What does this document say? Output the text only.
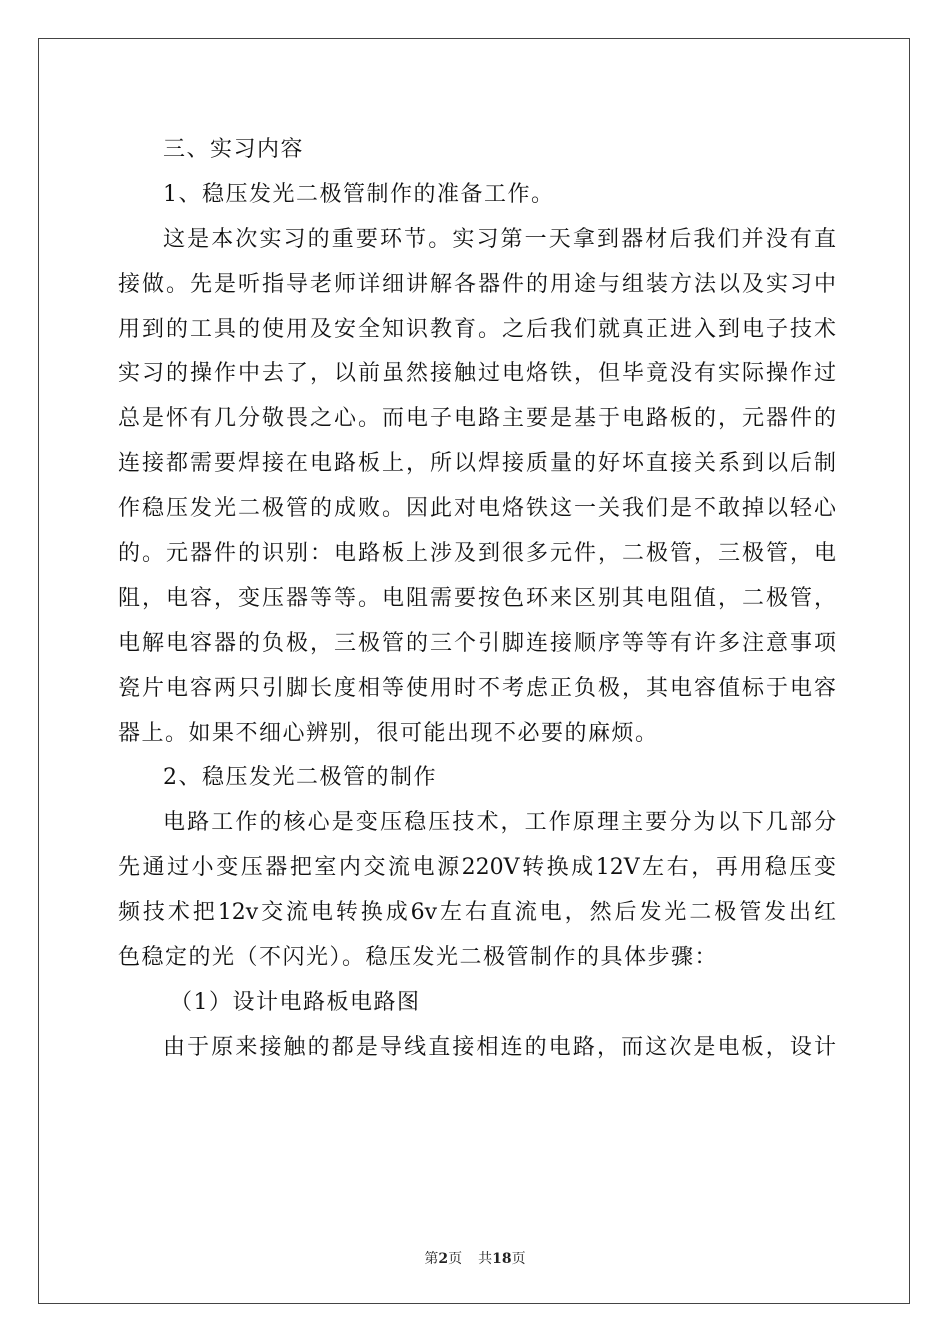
三、实习内容
1、稳压发光二极管制作的准备工作。
这是本次实习的重要环节。实习第一天拿到器材后我们并没有直
接做。先是听指导老师详细讲解各器件的用途与组装方法以及实习中
用到的工具的使用及安全知识教育。之后我们就真正进入到电子技术
实习的操作中去了，以前虽然接触过电烙铁，但毕竟没有实际操作过
总是怀有几分敬畏之心。而电子电路主要是基于电路板的，元器件的
连接都需要焊接在电路板上，所以焊接质量的好坏直接关系到以后制
作稳压发光二极管的成败。因此对电烙铁这一关我们是不敢掉以轻心
的。元器件的识别：电路板上涉及到很多元件，二极管，三极管，电
阻，电容，变压器等等。电阻需要按色环来区别其电阻值，二极管，
电解电容器的负极，三极管的三个引脚连接顺序等等有许多注意事项
瓷片电容两只引脚长度相等使用时不考虑正负极，其电容值标于电容
器上。如果不细心辨别，很可能出现不必要的麻烦。
2、稳压发光二极管的制作
电路工作的核心是变压稳压技术，工作原理主要分为以下几部分
先通过小变压器把室内交流电源220V转换成12V左右，再用稳压变
频技术把12v交流电转换成6v左右直流电，然后发光二极管发出红
色稳定的光（不闪光）。稳压发光二极管制作的具体步骤：
（1）设计电路板电路图
由于原来接触的都是导线直接相连的电路，而这次是电板，设计
第2页 共18页
